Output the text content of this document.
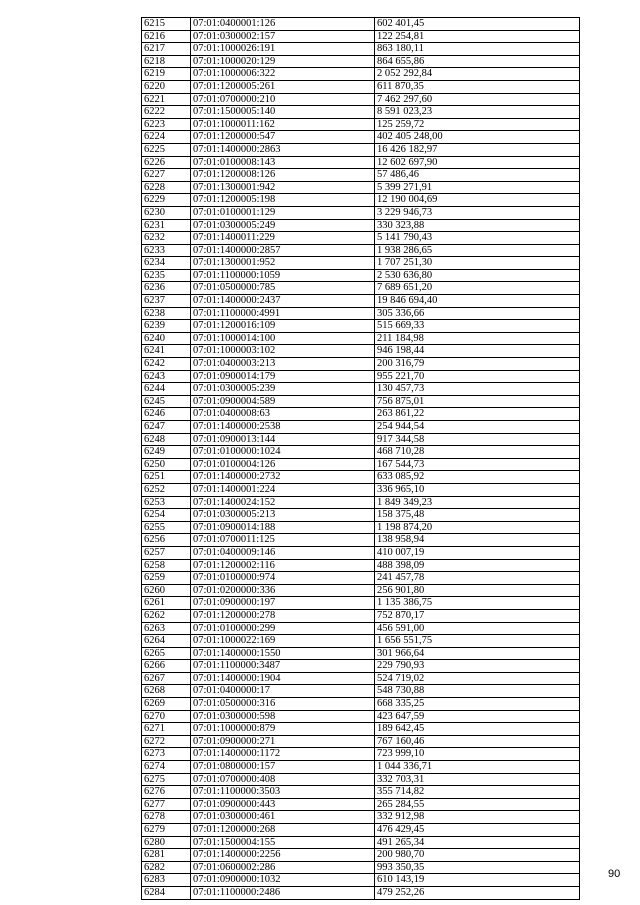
6215	07:01:0400001:126	602 401,45
6216	07:01:0300002:157	122 254,81
6217	07:01:1000026:191	863 180,11
6218	07:01:1000020:129	864 655,86
6219	07:01:1000006:322	2 052 292,84
6220	07:01:1200005:261	611 870,35
6221	07:01:0700000:210	7 462 297,60
6222	07:01:1500005:140	8 591 023,23
6223	07:01:1000011:162	125 259,72
6224	07:01:1200000:547	402 405 248,00
6225	07:01:1400000:2863	16 426 182,97
6226	07:01:0100008:143	12 602 697,90
6227	07:01:1200008:126	57 486,46
6228	07:01:1300001:942	5 399 271,91
6229	07:01:1200005:198	12 190 004,69
6230	07:01:0100001:129	3 229 946,73
6231	07:01:0300005:249	330 323,88
6232	07:01:1400011:229	5 141 790,43
6233	07:01:1400000:2857	1 938 286,65
6234	07:01:1300001:952	1 707 251,30
6235	07:01:1100000:1059	2 530 636,80
6236	07:01:0500000:785	7 689 651,20
6237	07:01:1400000:2437	19 846 694,40
6238	07:01:1100000:4991	305 336,66
6239	07:01:1200016:109	515 669,33
6240	07:01:1000014:100	211 184,98
6241	07:01:1000003:102	946 198,44
6242	07:01:0400003:213	200 316,79
6243	07:01:0900014:179	955 221,70
6244	07:01:0300005:239	130 457,73
6245	07:01:0900004:589	756 875,01
6246	07:01:0400008:63	263 861,22
6247	07:01:1400000:2538	254 944,54
6248	07:01:0900013:144	917 344,58
6249	07:01:0100000:1024	468 710,28
6250	07:01:0100004:126	167 544,73
6251	07:01:1400000:2732	633 085,92
6252	07:01:1400001:224	336 965,10
6253	07:01:1400024:152	1 849 349,23
6254	07:01:0300005:213	158 375,48
6255	07:01:0900014:188	1 198 874,20
6256	07:01:0700011:125	138 958,94
6257	07:01:0400009:146	410 007,19
6258	07:01:1200002:116	488 398,09
6259	07:01:0100000:974	241 457,78
6260	07:01:0200000:336	256 901,80
6261	07:01:0900000:197	1 135 386,75
6262	07:01:1200000:278	752 870,17
6263	07:01:0100000:299	456 591,00
6264	07:01:1000022:169	1 656 551,75
6265	07:01:1400000:1550	301 966,64
6266	07:01:1100000:3487	229 790,93
6267	07:01:1400000:1904	524 719,02
6268	07:01:0400000:17	548 730,88
6269	07:01:0500000:316	668 335,25
6270	07:01:0300000:598	423 647,59
6271	07:01:1000000:879	189 642,45
6272	07:01:0900000:271	767 160,46
6273	07:01:1400000:1172	723 999,10
6274	07:01:0800000:157	1 044 336,71
6275	07:01:0700000:408	332 703,31
6276	07:01:1100000:3503	355 714,82
6277	07:01:0900000:443	265 284,55
6278	07:01:0300000:461	332 912,98
6279	07:01:1200000:268	476 429,45
6280	07:01:1500004:155	491 265,34
6281	07:01:1400000:2256	200 980,70
6282	07:01:0600002:286	993 350,35
6283	07:01:0900000:1032	610 143,19
6284	07:01:1100000:2486	479 252,26
90
